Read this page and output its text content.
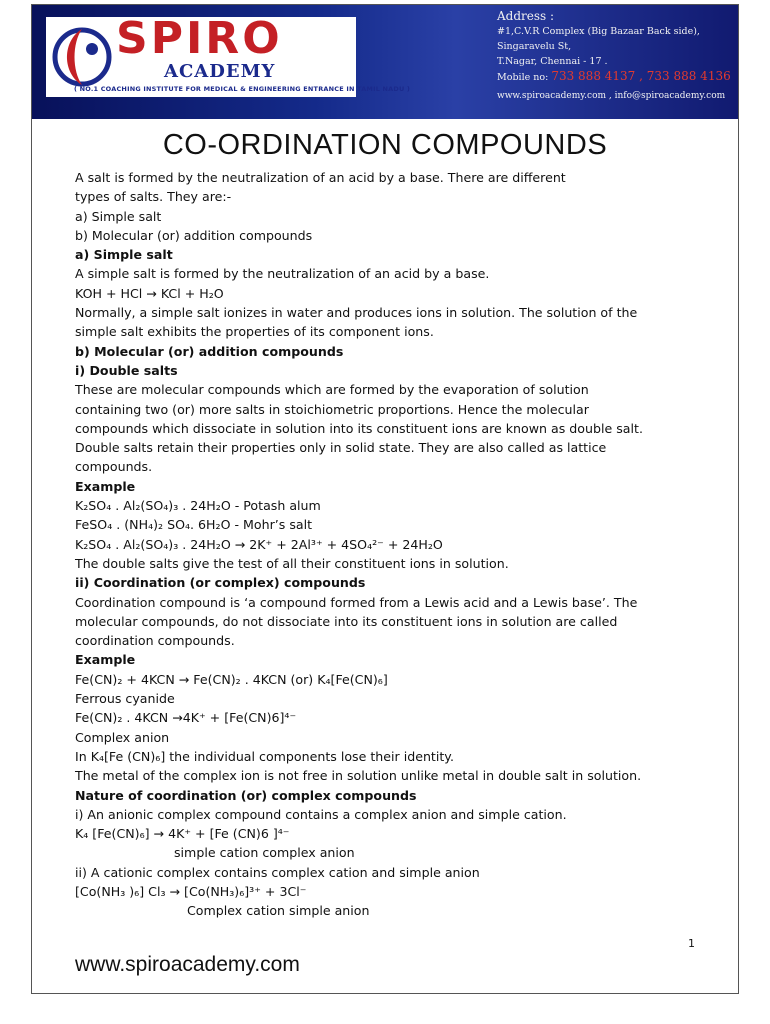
SPIRO
ACADEMY
( NO.1 COACHING INSTITUTE FOR MEDICAL & ENGINEERING ENTRANCE IN TAMIL NADU )
Address :
#1,C.V.R Complex (Big Bazaar Back side),
Singaravelu St,
T.Nagar, Chennai - 17 .
Mobile no: 733 888 4137 , 733 888 4136
www.spiroacademy.com , info@spiroacademy.com
CO-ORDINATION COMPOUNDS
A salt is formed by the neutralization of an acid by a base. There are different
types of salts. They are:-
a) Simple salt
b) Molecular (or) addition compounds
a) Simple salt
A simple salt is formed by the neutralization of an acid by a base.
KOH + HCl → KCl + H₂O
Normally, a simple salt ionizes in water and produces ions in solution. The solution of the
simple salt exhibits the properties of its component ions.
b) Molecular (or) addition compounds
i) Double salts
These are molecular compounds which are formed by the evaporation of solution
containing two (or) more salts in stoichiometric proportions. Hence the molecular
compounds which dissociate in solution into its constituent ions are known as double salt.
Double salts retain their properties only in solid state. They are also called as lattice
compounds.
Example
K₂SO₄ . Al₂(SO₄)₃ . 24H₂O - Potash alum
FeSO₄ . (NH₄)₂ SO₄. 6H₂O - Mohr’s salt
K₂SO₄ . Al₂(SO₄)₃ . 24H₂O → 2K⁺ + 2Al³⁺ + 4SO₄²⁻ + 24H₂O
The double salts give the test of all their constituent ions in solution.
ii) Coordination (or complex) compounds
Coordination compound is ‘a compound formed from a Lewis acid and a Lewis base’. The
molecular compounds, do not dissociate into its constituent ions in solution are called
coordination compounds.
Example
Fe(CN)₂ + 4KCN → Fe(CN)₂ . 4KCN (or) K₄[Fe(CN)₆]
Ferrous cyanide
Fe(CN)₂ . 4KCN →4K⁺ + [Fe(CN)6]⁴⁻
Complex anion
In K₄[Fe (CN)₆] the individual components lose their identity.
The metal of the complex ion is not free in solution unlike metal in double salt in solution.
Nature of coordination (or) complex compounds
i) An anionic complex compound contains a complex anion and simple cation.
K₄ [Fe(CN)₆] → 4K⁺ + [Fe (CN)6 ]⁴⁻
simple cation complex anion
ii) A cationic complex contains complex cation and simple anion
[Co(NH₃ )₆] Cl₃ → [Co(NH₃)₆]³⁺ + 3Cl⁻
Complex cation simple anion
1
www.spiroacademy.com
